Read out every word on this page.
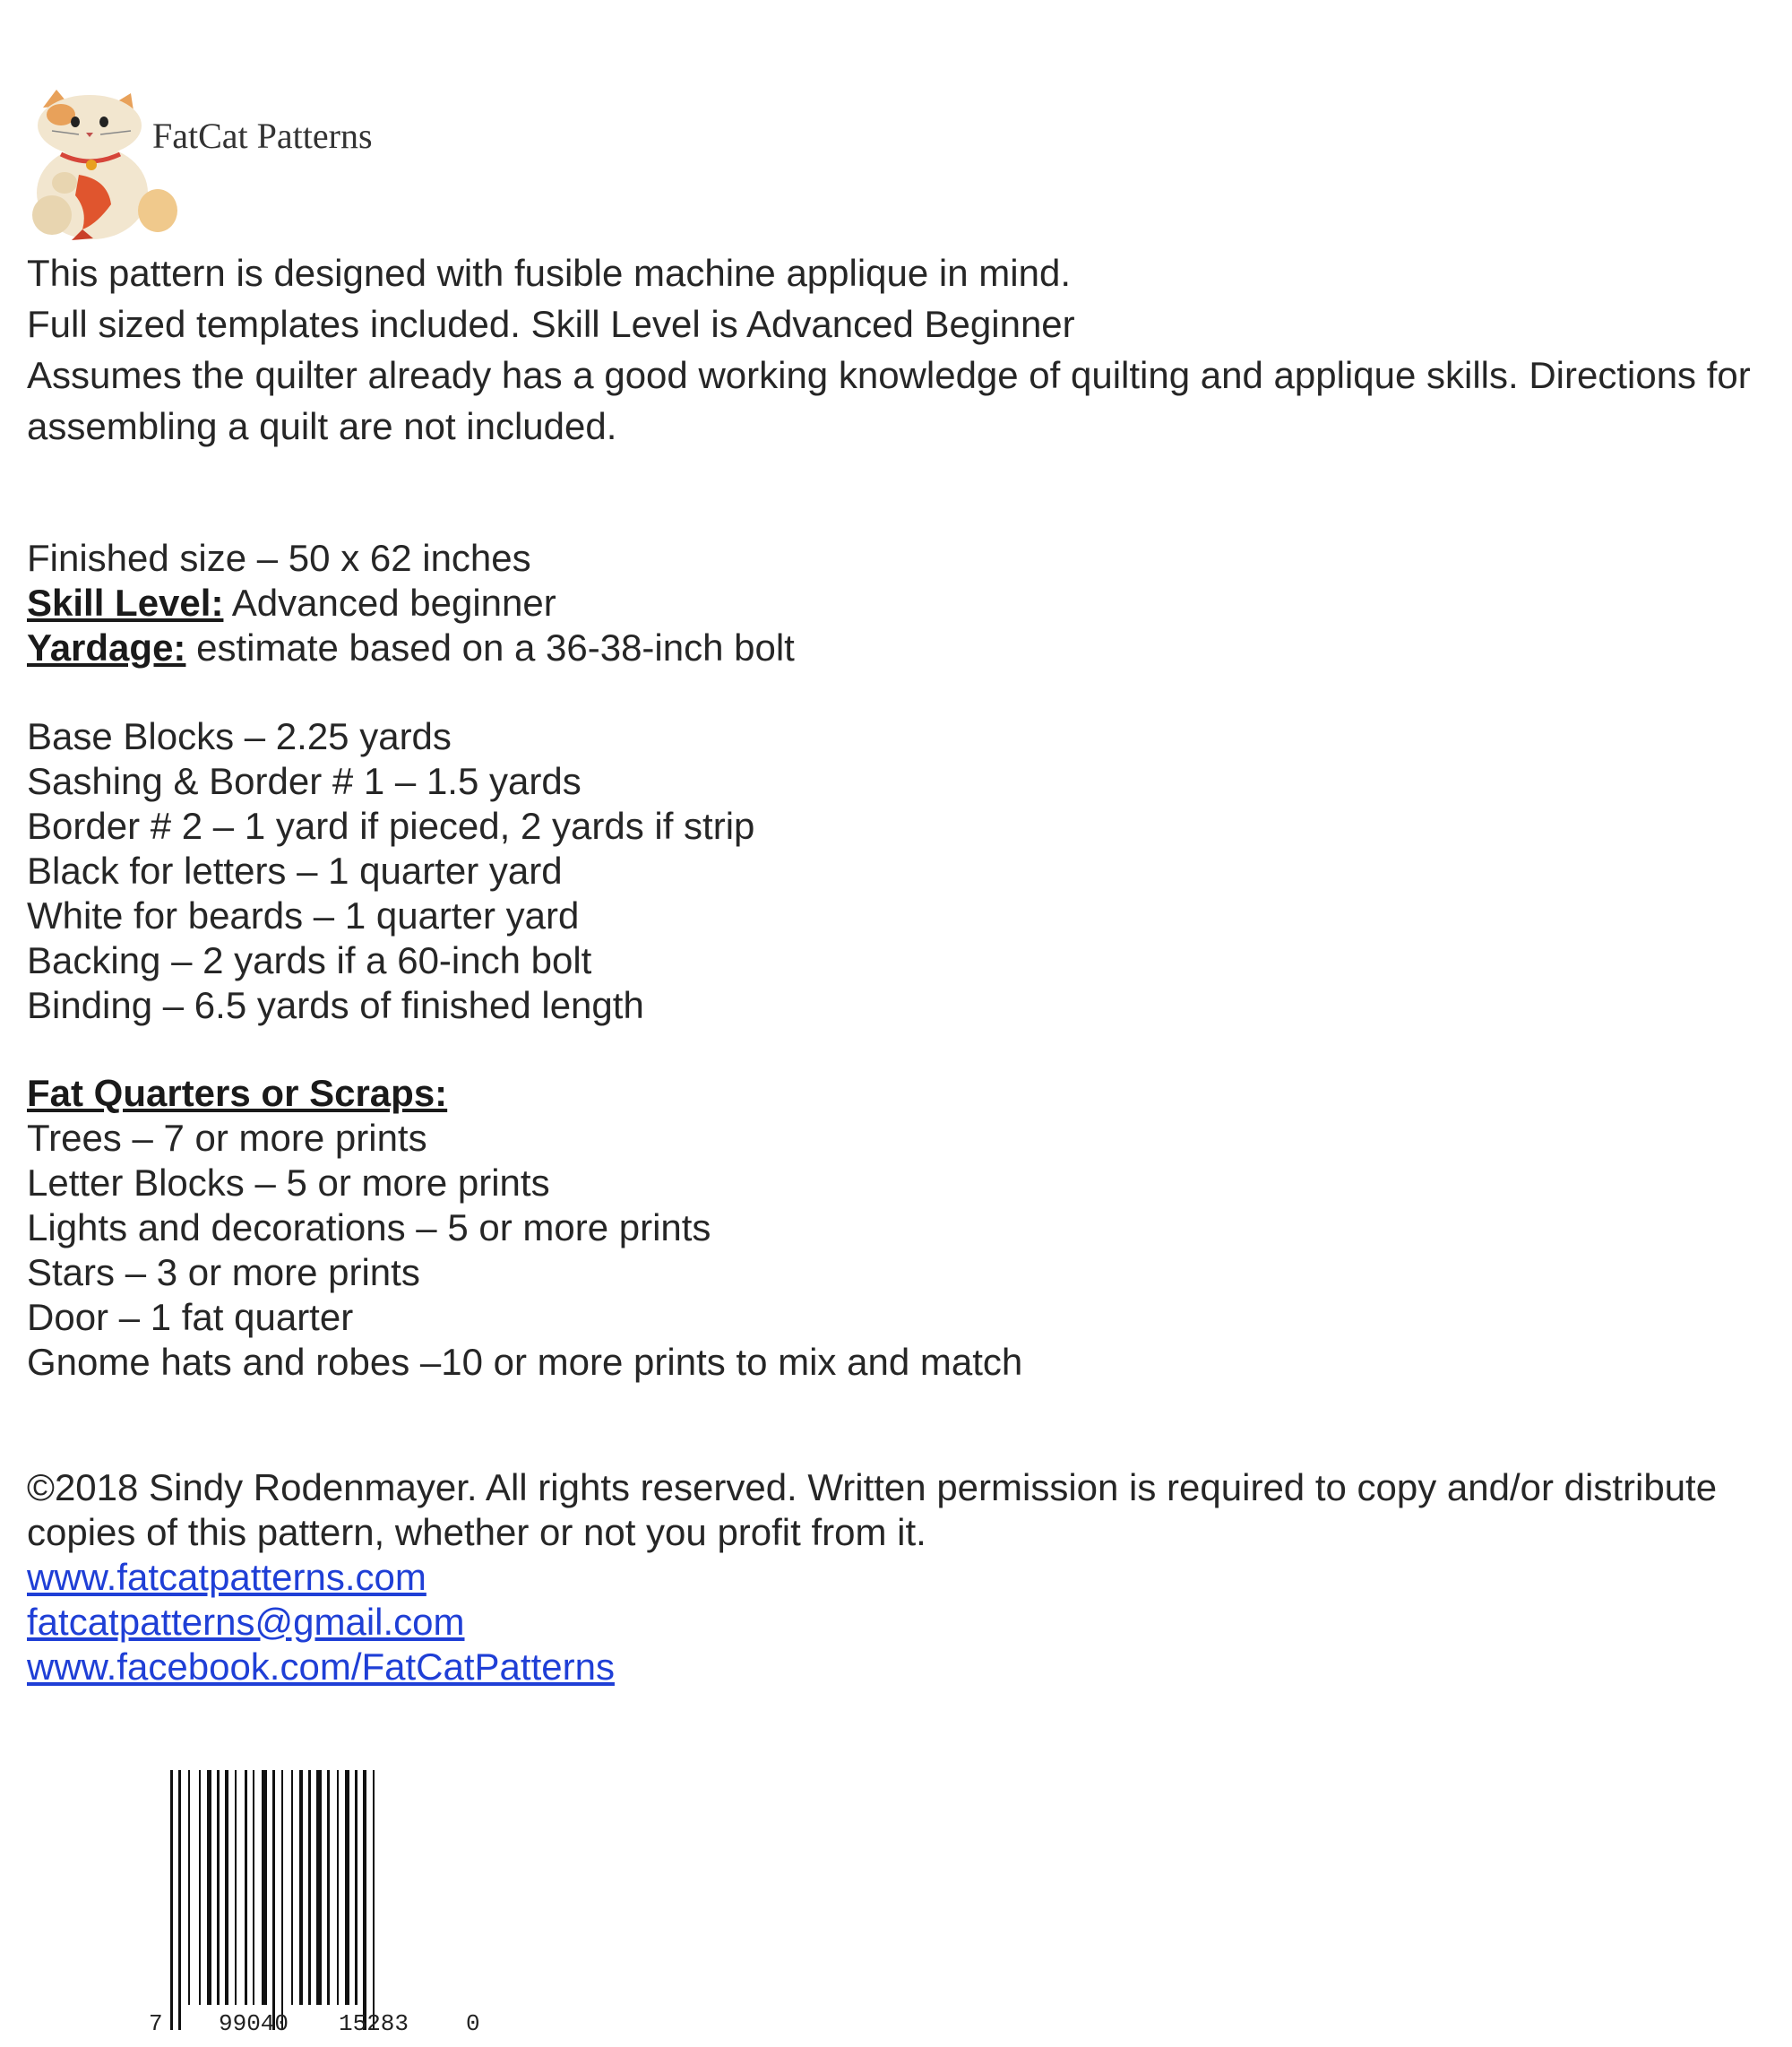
FatCat Patterns

This pattern is designed with fusible machine applique in mind.

Full sized templates included. Skill Level is Advanced Beginner

Assumes the quilter already has a good working knowledge of quilting and applique skills. Directions for assembling a quilt are not included.

Finished size – 50 x 62 inches

Skill Level: Advanced beginner

Yardage: estimate based on a 36-38-inch bolt

Base Blocks – 2.25 yards

Sashing & Border # 1 – 1.5 yards

Border # 2 – 1 yard if pieced, 2 yards if strip

Black for letters – 1 quarter yard

White for beards – 1 quarter yard

Backing – 2 yards if a 60-inch bolt

Binding – 6.5 yards of finished length

Fat Quarters or Scraps:

Trees – 7 or more prints

Letter Blocks – 5 or more prints

Lights and decorations – 5 or more prints

Stars – 3 or more prints

Door – 1 fat quarter

Gnome hats and robes –10 or more prints to mix and match

©2018 Sindy Rodenmayer. All rights reserved. Written permission is required to copy and/or distribute copies of this pattern, whether or not you profit from it.

www.fatcatpatterns.com
fatcatpatterns@gmail.com
www.facebook.com/FatCatPatterns
7 99040 15283 0
